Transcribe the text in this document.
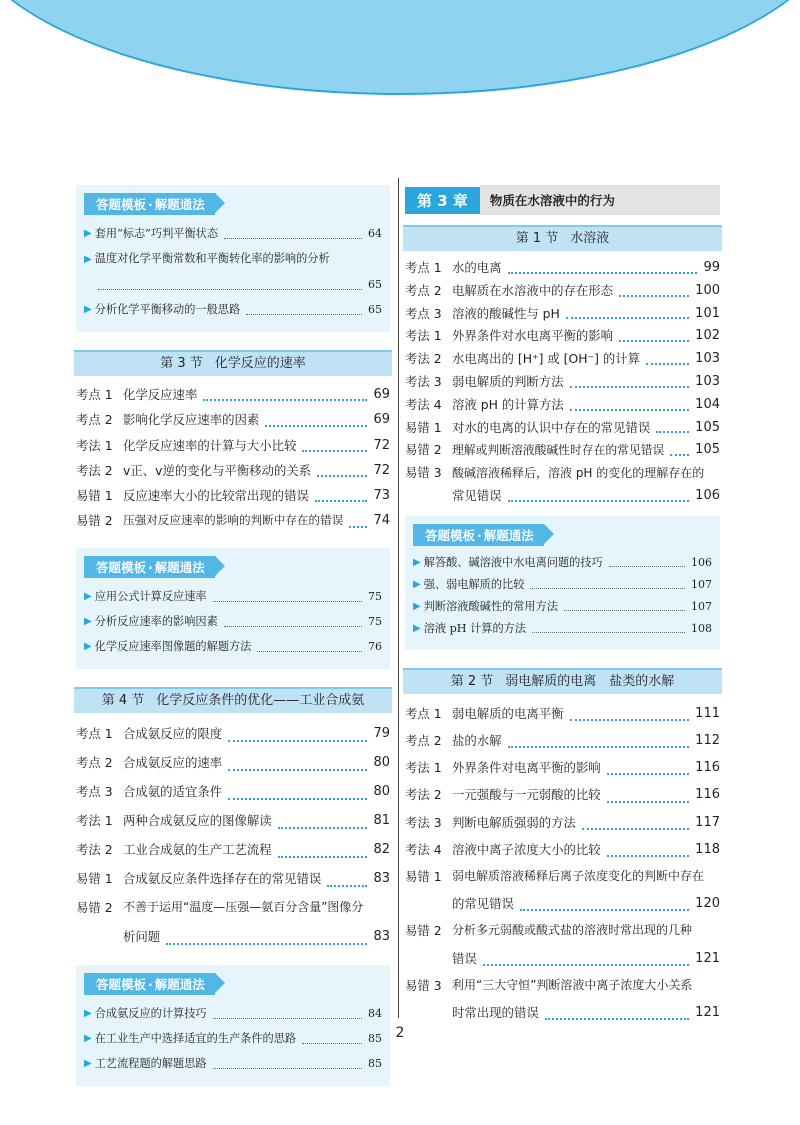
答题模板 · 解题通法
▶ 套用“标志”巧判平衡状态	64
▶ 温度对化学平衡常数和平衡转化率的影响的分析
65
▶ 分析化学平衡移动的一般思路	65
第 3 节 化学反应的速率
考点 1 化学反应速率	69
考点 2 影响化学反应速率的因素	69
考法 1 化学反应速率的计算与大小比较	72
考法 2 v正、v逆的变化与平衡移动的关系	72
易错 1 反应速率大小的比较常出现的错误	73
易错 2 压强对反应速率的影响的判断中存在的错误 74
答题模板 · 解题通法
▶ 应用公式计算反应速率	75
▶ 分析反应速率的影响因素	75
▶ 化学反应速率图像题的解题方法	76
第 4 节 化学反应条件的优化——工业合成氨
考点 1 合成氨反应的限度	79
考点 2 合成氨反应的速率	80
考点 3 合成氨的适宜条件	80
考法 1 两种合成氨反应的图像解读	81
考法 2 工业合成氨的生产工艺流程	82
易错 1 合成氨反应条件选择存在的常见错误	83
易错 2 不善于运用“温度—压强—氨百分含量”图像分
析问题	83
答题模板 · 解题通法
▶ 合成氨反应的计算技巧	84
▶ 在工业生产中选择适宜的生产条件的思路	85
▶ 工艺流程题的解题思路	85
第 3 章	物质在水溶液中的行为
第 1 节 水溶液
考点 1 水的电离	99
考点 2 电解质在水溶液中的存在形态	100
考点 3 溶液的酸碱性与 pH	101
考法 1 外界条件对水电离平衡的影响	102
考法 2 水电离出的 [H⁺] 或 [OH⁻] 的计算	103
考法 3 弱电解质的判断方法	103
考法 4 溶液 pH 的计算方法	104
易错 1 对水的电离的认识中存在的常见错误	105
易错 2 理解或判断溶液酸碱性时存在的常见错误 105
易错 3 酸碱溶液稀释后，溶液 pH 的变化的理解存在的
常见错误	106
答题模板 · 解题通法
▶ 解答酸、碱溶液中水电离问题的技巧	106
▶ 强、弱电解质的比较	107
▶ 判断溶液酸碱性的常用方法	107
▶ 溶液 pH 计算的方法	108
第 2 节 弱电解质的电离　盐类的水解
考点 1 弱电解质的电离平衡	111
考点 2 盐的水解	112
考法 1 外界条件对电离平衡的影响	116
考法 2 一元强酸与一元弱酸的比较	116
考法 3 判断电解质强弱的方法	117
考法 4 溶液中离子浓度大小的比较	118
易错 1 弱电解质溶液稀释后离子浓度变化的判断中存在
的常见错误	120
易错 2 分析多元弱酸或酸式盐的溶液时常出现的几种
错误	121
易错 3 利用“三大守恒”判断溶液中离子浓度大小关系
时常出现的错误	121
2
